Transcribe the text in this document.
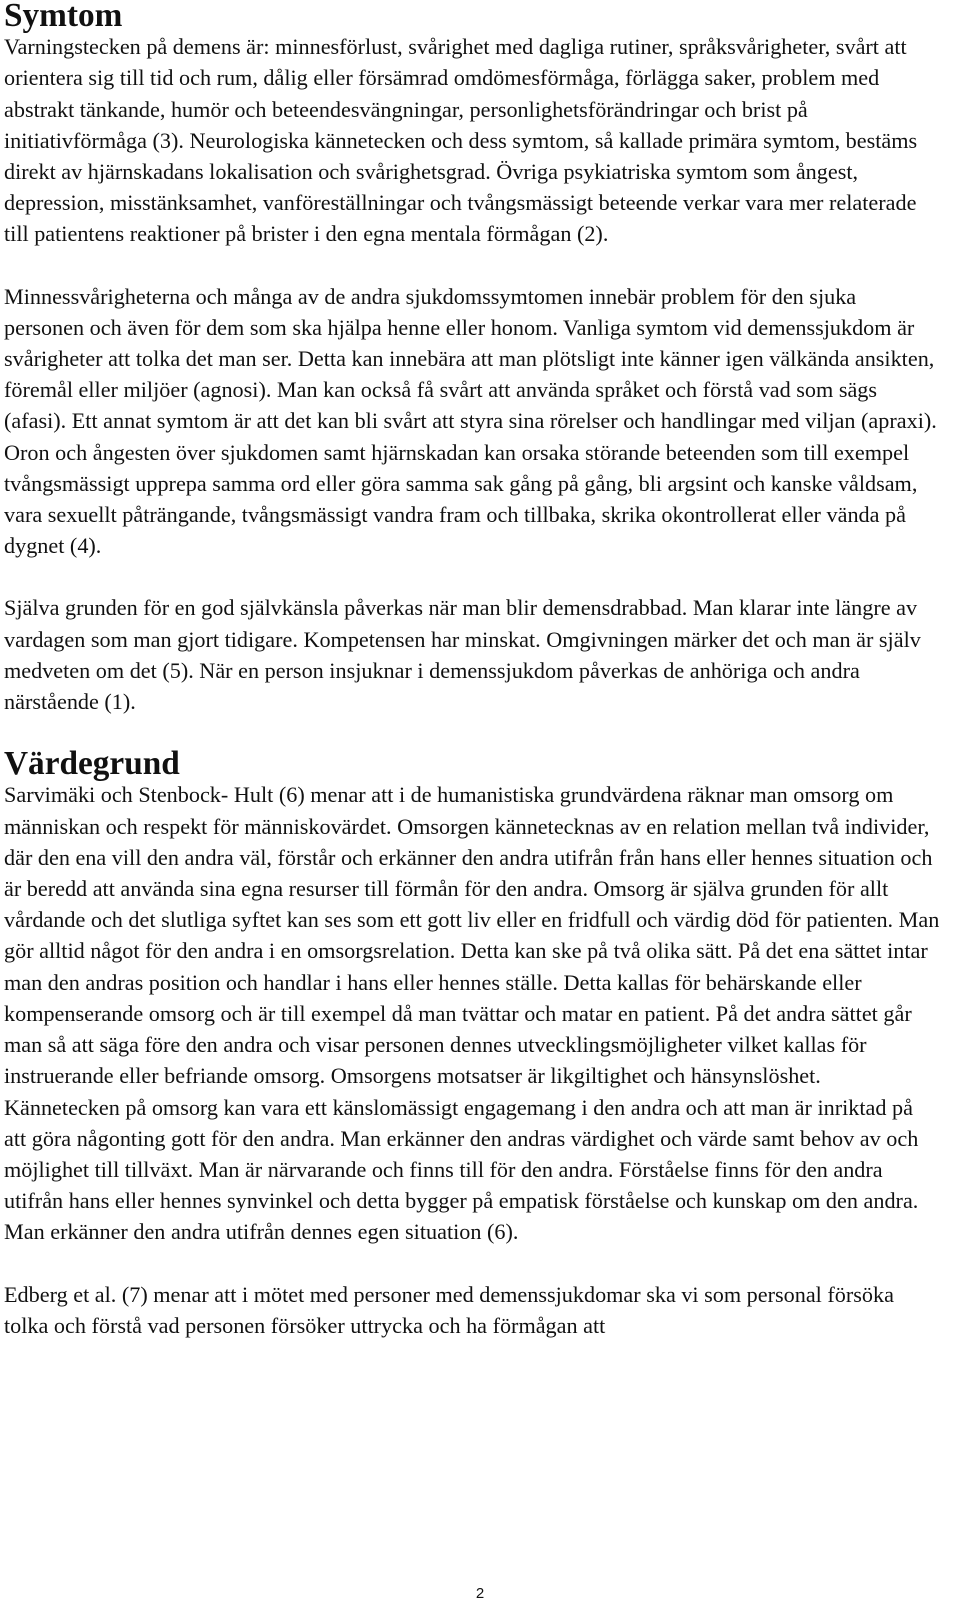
Symtom

Varningstecken på demens är: minnesförlust, svårighet med dagliga rutiner, språksvårigheter, svårt att orientera sig till tid och rum, dålig eller försämrad omdömesförmåga, förlägga saker, problem med abstrakt tänkande, humör och beteendesvängningar, personlighetsförändringar och brist på initiativförmåga (3). Neurologiska kännetecken och dess symtom, så kallade primära symtom, bestäms direkt av hjärnskadans lokalisation och svårighetsgrad. Övriga psykiatriska symtom som ångest, depression, misstänksamhet, vanföreställningar och tvångsmässigt beteende verkar vara mer relaterade till patientens reaktioner på brister i den egna mentala förmågan (2).

Minnessvårigheterna och många av de andra sjukdomssymtomen innebär problem för den sjuka personen och även för dem som ska hjälpa henne eller honom. Vanliga symtom vid demenssjukdom är svårigheter att tolka det man ser. Detta kan innebära att man plötsligt inte känner igen välkända ansikten, föremål eller miljöer (agnosi). Man kan också få svårt att använda språket och förstå vad som sägs (afasi). Ett annat symtom är att det kan bli svårt att styra sina rörelser och handlingar med viljan (apraxi). Oron och ångesten över sjukdomen samt hjärnskadan kan orsaka störande beteenden som till exempel tvångsmässigt upprepa samma ord eller göra samma sak gång på gång, bli argsint och kanske våldsam, vara sexuellt påträngande, tvångsmässigt vandra fram och tillbaka, skrika okontrollerat eller vända på dygnet (4).

Själva grunden för en god självkänsla påverkas när man blir demensdrabbad. Man klarar inte längre av vardagen som man gjort tidigare. Kompetensen har minskat. Omgivningen märker det och man är själv medveten om det (5). När en person insjuknar i demenssjukdom påverkas de anhöriga och andra närstående (1).

Värdegrund

Sarvimäki och Stenbock- Hult (6) menar att i de humanistiska grundvärdena räknar man omsorg om människan och respekt för människovärdet. Omsorgen kännetecknas av en relation mellan två individer, där den ena vill den andra väl, förstår och erkänner den andra utifrån från hans eller hennes situation och är beredd att använda sina egna resurser till förmån för den andra. Omsorg är själva grunden för allt vårdande och det slutliga syftet kan ses som ett gott liv eller en fridfull och värdig död för patienten. Man gör alltid något för den andra i en omsorgsrelation. Detta kan ske på två olika sätt. På det ena sättet intar man den andras position och handlar i hans eller hennes ställe. Detta kallas för behärskande eller kompenserande omsorg och är till exempel då man tvättar och matar en patient. På det andra sättet går man så att säga före den andra och visar personen dennes utvecklingsmöjligheter vilket kallas för instruerande eller befriande omsorg. Omsorgens motsatser är likgiltighet och hänsynslöshet. Kännetecken på omsorg kan vara ett känslomässigt engagemang i den andra och att man är inriktad på att göra någonting gott för den andra. Man erkänner den andras värdighet och värde samt behov av och möjlighet till tillväxt. Man är närvarande och finns till för den andra. Förståelse finns för den andra utifrån hans eller hennes synvinkel och detta bygger på empatisk förståelse och kunskap om den andra. Man erkänner den andra utifrån dennes egen situation (6).

Edberg et al. (7) menar att i mötet med personer med demenssjukdomar ska vi som personal försöka tolka och förstå vad personen försöker uttrycka och ha förmågan att

2
